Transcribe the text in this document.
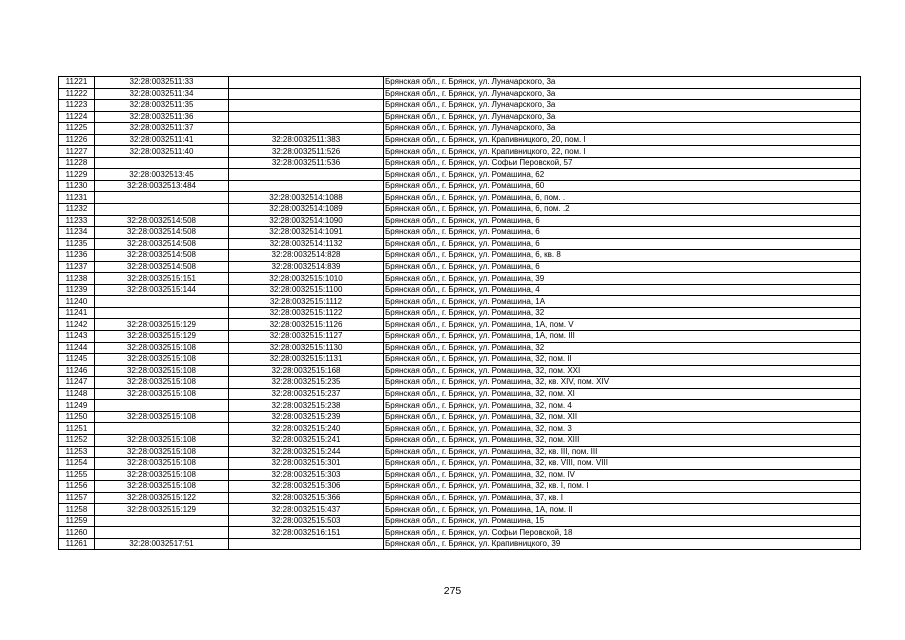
11221	32:28:0032511:33		Брянская обл., г. Брянск, ул. Луначарского, 3а
11222	32:28:0032511:34		Брянская обл., г. Брянск, ул. Луначарского, 3а
11223	32:28:0032511:35		Брянская обл., г. Брянск, ул. Луначарского, 3а
11224	32:28:0032511:36		Брянская обл., г. Брянск, ул. Луначарского, 3а
11225	32:28:0032511:37		Брянская обл., г. Брянск, ул. Луначарского, 3а
11226	32:28:0032511:41	32:28:0032511:383	Брянская обл., г. Брянск, ул. Крапивницкого, 20, пом. I
11227	32:28:0032511:40	32:28:0032511:526	Брянская обл., г. Брянск, ул. Крапивницкого, 22, пом. I
11228		32:28:0032511:536	Брянская обл., г. Брянск, ул. Софьи Перовской, 57
11229	32:28:0032513:45		Брянская обл., г. Брянск, ул. Ромашина, 62
11230	32:28:0032513:484		Брянская обл., г. Брянск, ул. Ромашина, 60
11231		32:28:0032514:1088	Брянская обл., г. Брянск, ул. Ромашина, 6, пом. .
11232		32:28:0032514:1089	Брянская обл., г. Брянск, ул. Ромашина, 6, пом. .2
11233	32:28:0032514:508	32:28:0032514:1090	Брянская обл., г. Брянск, ул. Ромашина, 6
11234	32:28:0032514:508	32:28:0032514:1091	Брянская обл., г. Брянск, ул. Ромашина, 6
11235	32:28:0032514:508	32:28:0032514:1132	Брянская обл., г. Брянск, ул. Ромашина, 6
11236	32:28:0032514:508	32:28:0032514:828	Брянская обл., г. Брянск, ул. Ромашина, 6, кв. 8
11237	32:28:0032514:508	32:28:0032514:839	Брянская обл., г. Брянск, ул. Ромашина, 6
11238	32:28:0032515:151	32:28:0032515:1010	Брянская обл., г. Брянск, ул. Ромашина, 39
11239	32:28:0032515:144	32:28:0032515:1100	Брянская обл., г. Брянск, ул. Ромашина, 4
11240		32:28:0032515:1112	Брянская обл., г. Брянск, ул. Ромашина, 1А
11241		32:28:0032515:1122	Брянская обл., г. Брянск, ул. Ромашина, 32
11242	32:28:0032515:129	32:28:0032515:1126	Брянская обл., г. Брянск, ул. Ромашина, 1А, пом. V
11243	32:28:0032515:129	32:28:0032515:1127	Брянская обл., г. Брянск, ул. Ромашина, 1А, пом. III
11244	32:28:0032515:108	32:28:0032515:1130	Брянская обл., г. Брянск, ул. Ромашина, 32
11245	32:28:0032515:108	32:28:0032515:1131	Брянская обл., г. Брянск, ул. Ромашина, 32, пом. II
11246	32:28:0032515:108	32:28:0032515:168	Брянская обл., г. Брянск, ул. Ромашина, 32, пом. XXI
11247	32:28:0032515:108	32:28:0032515:235	Брянская обл., г. Брянск, ул. Ромашина, 32, кв. XIV, пом. XIV
11248	32:28:0032515:108	32:28:0032515:237	Брянская обл., г. Брянск, ул. Ромашина, 32, пом. XI
11249		32:28:0032515:238	Брянская обл., г. Брянск, ул. Ромашина, 32, пом. 4
11250	32:28:0032515:108	32:28:0032515:239	Брянская обл., г. Брянск, ул. Ромашина, 32, пом. XII
11251		32:28:0032515:240	Брянская обл., г. Брянск, ул. Ромашина, 32, пом. 3
11252	32:28:0032515:108	32:28:0032515:241	Брянская обл., г. Брянск, ул. Ромашина, 32, пом. XIII
11253	32:28:0032515:108	32:28:0032515:244	Брянская обл., г. Брянск, ул. Ромашина, 32, кв. III, пом. III
11254	32:28:0032515:108	32:28:0032515:301	Брянская обл., г. Брянск, ул. Ромашина, 32, кв. VIII, пом. VIII
11255	32:28:0032515:108	32:28:0032515:303	Брянская обл., г. Брянск, ул. Ромашина, 32, пом. IV
11256	32:28:0032515:108	32:28:0032515:306	Брянская обл., г. Брянск, ул. Ромашина, 32, кв. I, пом. I
11257	32:28:0032515:122	32:28:0032515:366	Брянская обл., г. Брянск, ул. Ромашина, 37, кв. I
11258	32:28:0032515:129	32:28:0032515:437	Брянская обл., г. Брянск, ул. Ромашина, 1А, пом. II
11259		32:28:0032515:503	Брянская обл., г. Брянск, ул. Ромашина, 15
11260		32:28:0032516:151	Брянская обл., г. Брянск, ул. Софьи Перовской, 18
11261	32:28:0032517:51		Брянская обл., г. Брянск, ул. Крапивницкого, 39
275
